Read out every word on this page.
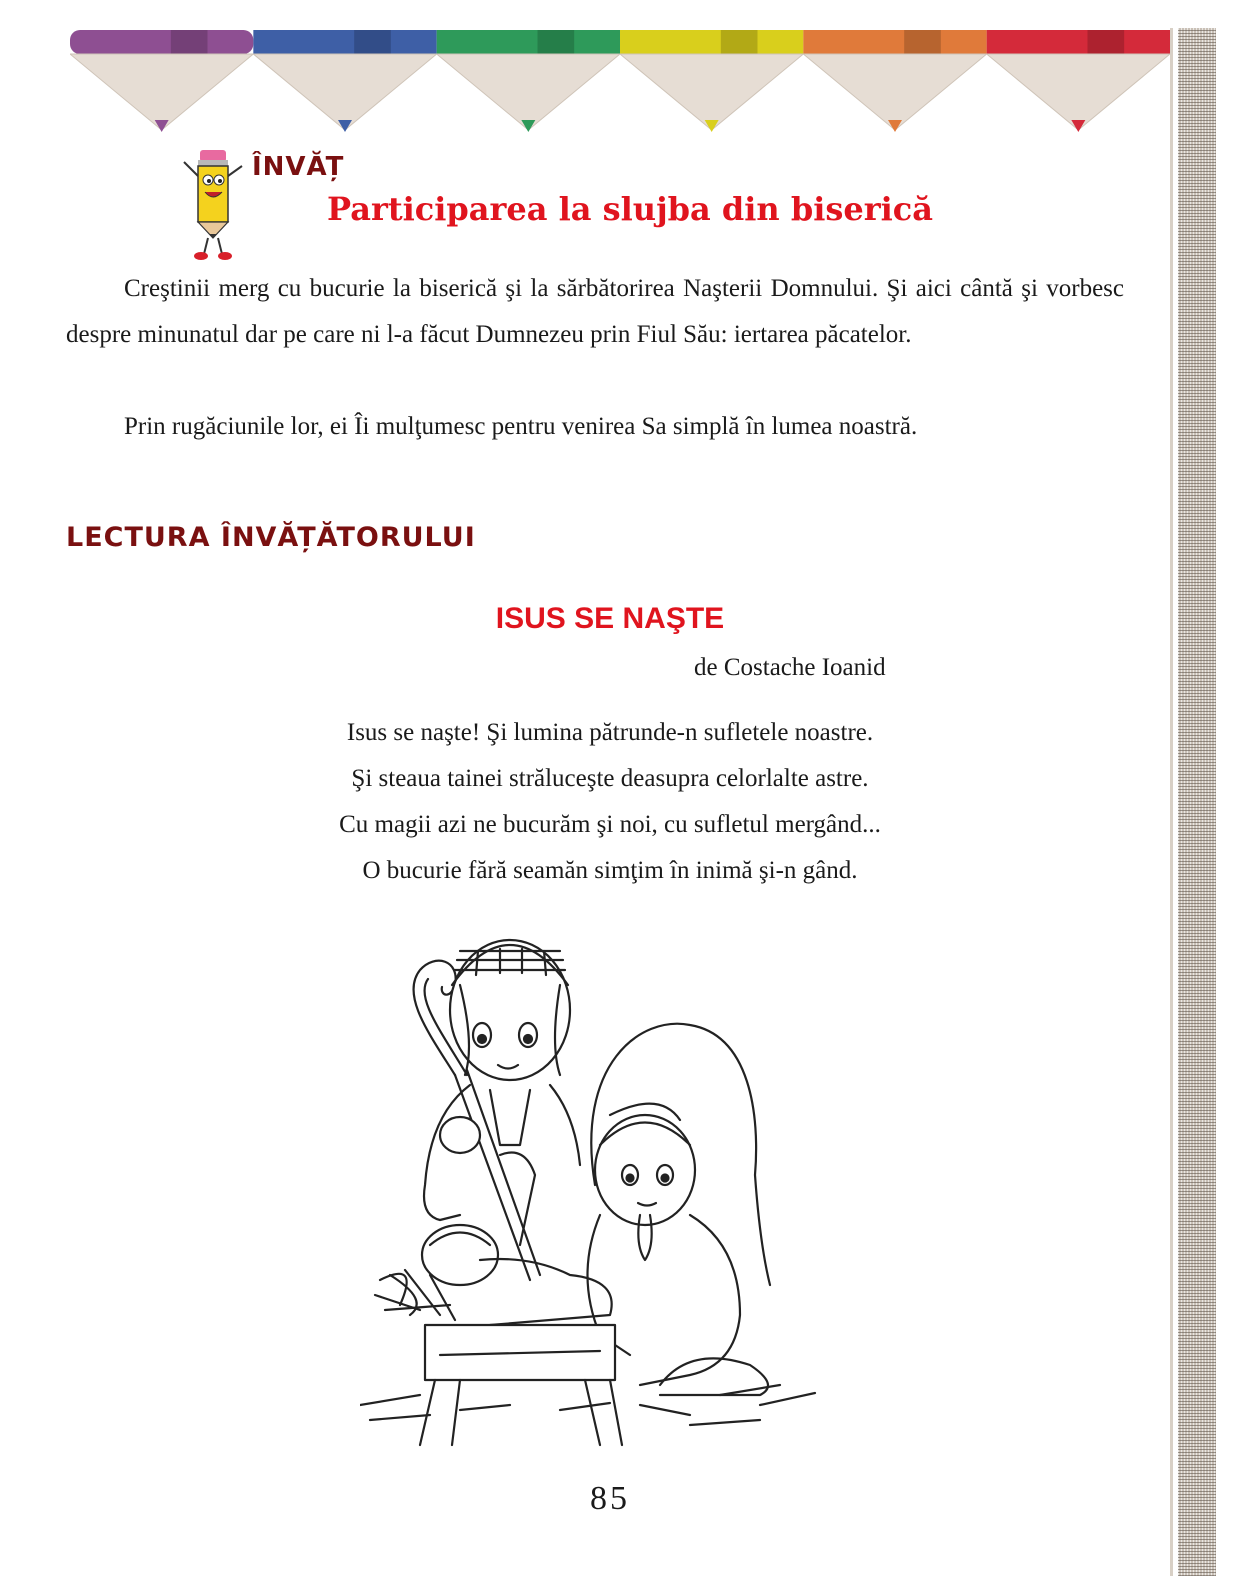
ÎNVĂȚ
Participarea la slujba din biserică

Creştinii merg cu bucurie la biserică şi la sărbătorirea Naşterii Domnului. Şi aici cântă şi vorbesc despre minunatul dar pe care ni l-a făcut Dumnezeu prin Fiul Său: iertarea păcatelor.

Prin rugăciunile lor, ei Îi mulţumesc pentru venirea Sa simplă în lumea noastră.

LECTURA ÎNVĂȚĂTORULUI
ISUS SE NAŞTE
de Costache Ioanid
Isus se naşte! Şi lumina pătrunde-n sufletele noastre.
Şi steaua tainei străluceşte deasupra celorlalte astre.
Cu magii azi ne bucurăm şi noi, cu sufletul mergând...
O bucurie fără seamăn simţim în inimă şi-n gând.
85
